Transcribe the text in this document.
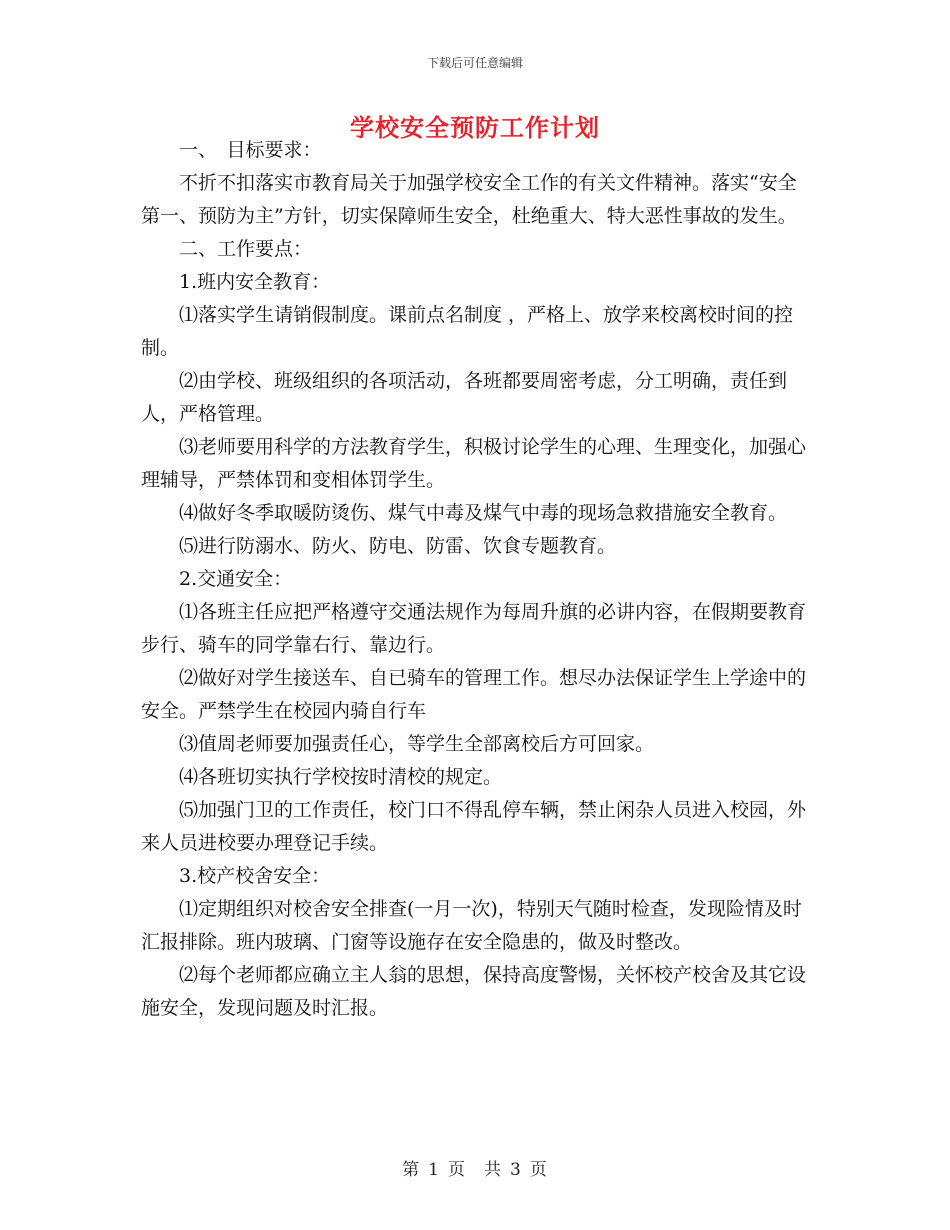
下载后可任意编辑
学校安全预防工作计划

一、　目标要求：

不折不扣落实市教育局关于加强学校安全工作的有关文件精神。落实“安全第一、预防为主”方针，切实保障师生安全，杜绝重大、特大恶性事故的发生。

二、工作要点：

1.班内安全教育：

⑴落实学生请销假制度。课前点名制度 ，严格上、放学来校离校时间的控制。

⑵由学校、班级组织的各项活动，各班都要周密考虑，分工明确，责任到人，严格管理。

⑶老师要用科学的方法教育学生，积极讨论学生的心理、生理变化，加强心理辅导，严禁体罚和变相体罚学生。

⑷做好冬季取暖防烫伤、煤气中毒及煤气中毒的现场急救措施安全教育。

⑸进行防溺水、防火、防电、防雷、饮食专题教育。

2.交通安全：

⑴各班主任应把严格遵守交通法规作为每周升旗的必讲内容，在假期要教育步行、骑车的同学靠右行、靠边行。

⑵做好对学生接送车、自已骑车的管理工作。想尽办法保证学生上学途中的安全。严禁学生在校园内骑自行车

⑶值周老师要加强责任心，等学生全部离校后方可回家。

⑷各班切实执行学校按时清校的规定。

⑸加强门卫的工作责任，校门口不得乱停车辆，禁止闲杂人员进入校园，外来人员进校要办理登记手续。

3.校产校舍安全：

⑴定期组织对校舍安全排查(一月一次)，特别天气随时检查，发现险情及时汇报排除。班内玻璃、门窗等设施存在安全隐患的，做及时整改。

⑵每个老师都应确立主人翁的思想，保持高度警惕，关怀校产校舍及其它设施安全，发现问题及时汇报。

第 1 页　共 3 页
